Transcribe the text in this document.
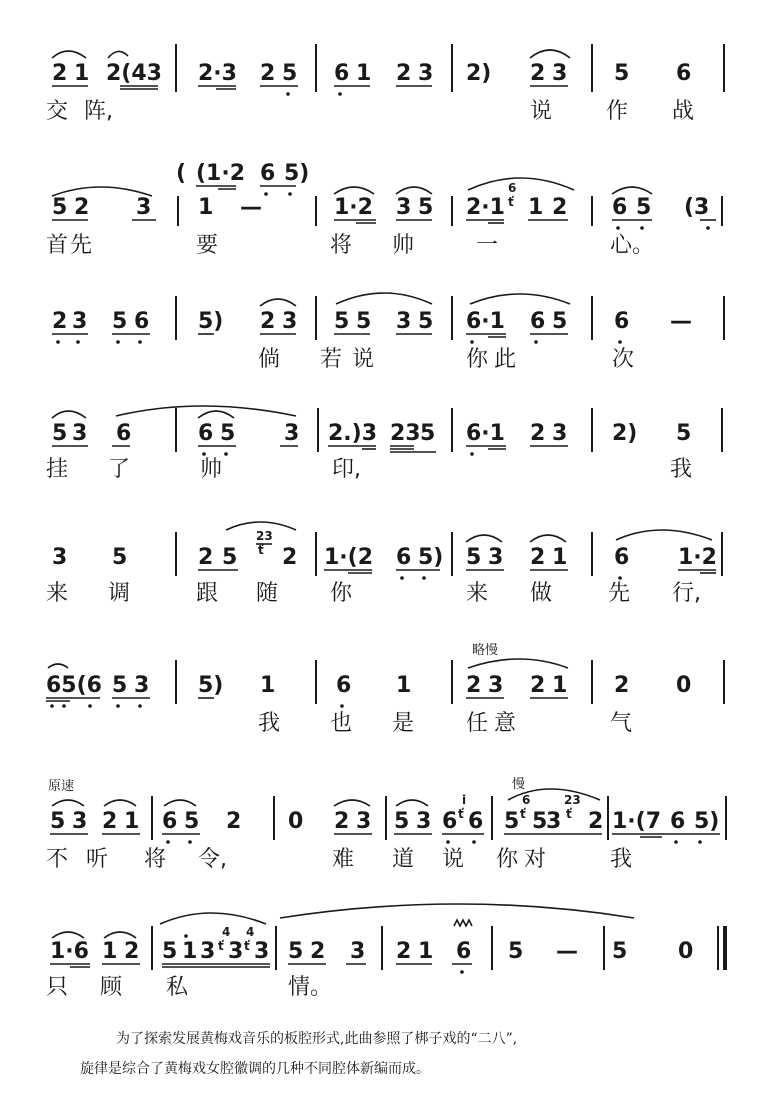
2 1 2(43 2·3 2 5 6 1 2 3 2) 2 3 5 6
交 阵,	说 作 战
( (1·2 6 5)
5 2 3 1 —	1·2 3 5 2·1
6
ť 1 2 6 5 (3
首 先	要	将 帅	一	心。
2 3 5 6 5) 2 3 5 5 3 5 6·1 6 5 6 —
倘 若 说	你 此	次
5 3 6	6 5 3 2.)3 23 5 6·1 2 3 2) 5
挂 了	帅	印,	我
3 5	2 5
23
ť 2 1·(2 6 5) 5 3 2 1 6 1·2
来 调	跟 随 你	来 做	先 行,
略慢
65(6 5 3 5) 1	6 1 2 3 2 1 2 0
我 也 是 任 意	气
原速	慢
5 3 2 1 6 5 2 0 2 3 5 3
i
6 ť 6
6
5 ť 5
3
23
ť 2 1·(7 6 5)
不 听 将 令,	难 道 说 你 对	我
1·6 1 2 5 1 3
4
ť 3
4
ť 3 5 2 3 2 1 6 5 — 5 0
只 顾 私	情。

为了探索发展黄梅戏音乐的板腔形式,此曲参照了梆子戏的“二八”,

旋律是综合了黄梅戏女腔徽调的几种不同腔体新编而成。
